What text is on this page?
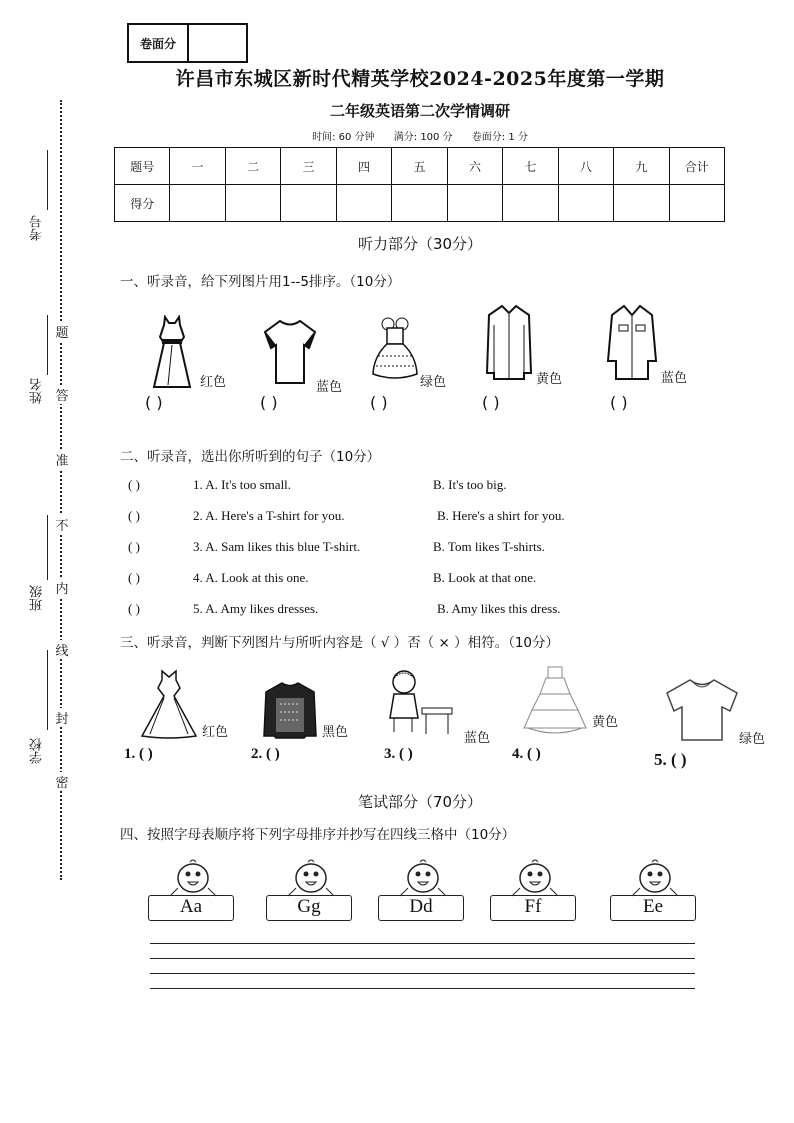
卷面分
许昌市东城区新时代精英学校2024-2025年度第一学期
二年级英语第二次学情调研
时间: 60 分钟 满分: 100 分 卷面分: 1 分
题号	一	二	三	四	五	六	七	八	九	合计
得分										
考号
姓名
班级
学校
题
答
准
不
内
线
封
密
听力部分（30分）
一、听录音，给下列图片用1--5排序。（10分）
红色
( )
蓝色
( )
绿色
( )
黄色
( )
蓝色
( )
二、听录音，选出你所听到的句子（10分）
( )	1. A. It's too small.	B. It's too big.
( )	2. A. Here's a T-shirt for you.	B. Here's a shirt for you.
( )	3. A. Sam likes this blue T-shirt.	B. Tom likes T-shirts.
( )	4. A. Look at this one.	B. Look at that one.
( )	5. A. Amy likes dresses.	B. Amy likes this dress.
三、听录音，判断下列图片与所听内容是（ √ ）否（ × ）相符。（10分）
红色
1. ( )
黑色
2. ( )
蓝色
3. ( )
黄色
4. ( )
绿色
5. ( )
笔试部分（70分）
四、按照字母表顺序将下列字母排序并抄写在四线三格中（10分）
Aa	Gg	Dd	Ff	Ee
